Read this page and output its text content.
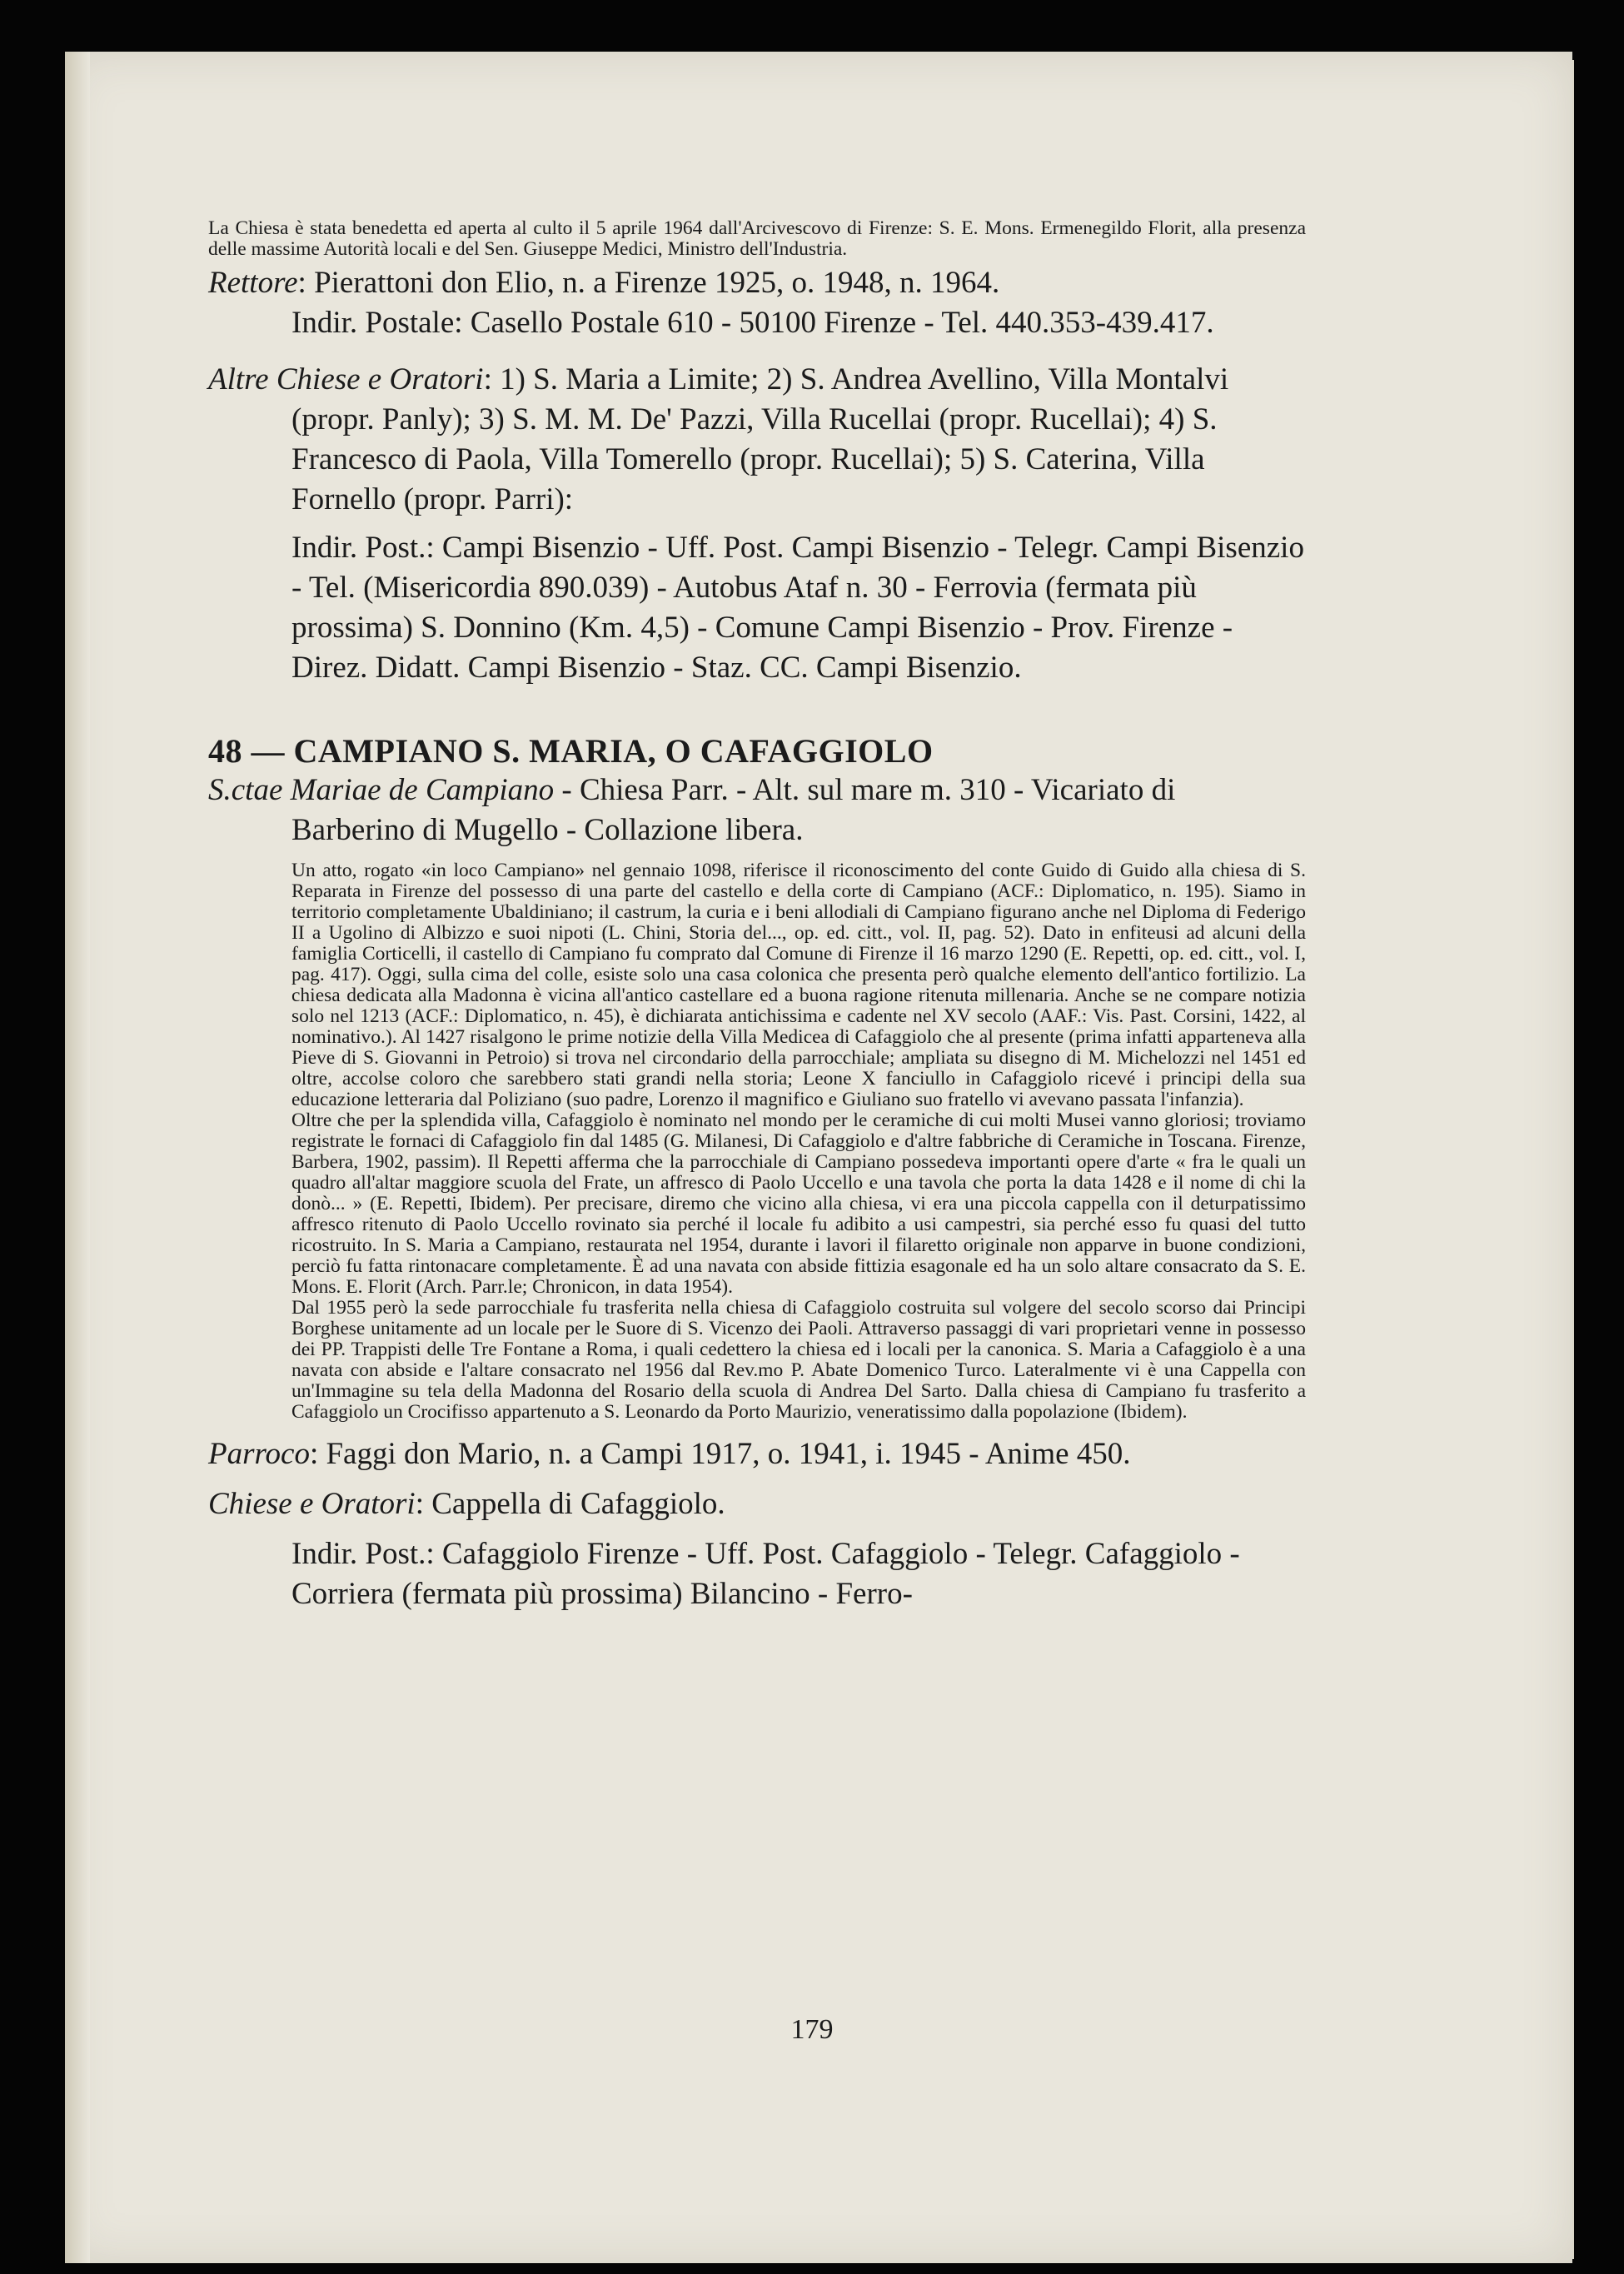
La Chiesa è stata benedetta ed aperta al culto il 5 aprile 1964 dall'Arcivescovo di Firenze: S. E. Mons. Ermenegildo Florit, alla presenza delle massime Autorità locali e del Sen. Giuseppe Medici, Ministro dell'Industria.

Rettore: Pierattoni don Elio, n. a Firenze 1925, o. 1948, n. 1964.

Indir. Postale: Casello Postale 610 - 50100 Firenze - Tel. 440.353-439.417.

Altre Chiese e Oratori: 1) S. Maria a Limite; 2) S. Andrea Avellino, Villa Montalvi (propr. Panly); 3) S. M. M. De' Pazzi, Villa Rucellai (propr. Rucellai); 4) S. Francesco di Paola, Villa Tomerello (propr. Rucellai); 5) S. Caterina, Villa Fornello (propr. Parri):

Indir. Post.: Campi Bisenzio - Uff. Post. Campi Bisenzio - Telegr. Campi Bisenzio - Tel. (Misericordia 890.039) - Autobus Ataf n. 30 - Ferrovia (fermata più prossima) S. Donnino (Km. 4,5) - Comune Campi Bisenzio - Prov. Firenze - Direz. Didatt. Campi Bisenzio - Staz. CC. Campi Bisenzio.

48 — CAMPIANO S. MARIA, O CAFAGGIOLO

S.ctae Mariae de Campiano - Chiesa Parr. - Alt. sul mare m. 310 - Vicariato di Barberino di Mugello - Collazione libera.

Un atto, rogato «in loco Campiano» nel gennaio 1098, riferisce il riconoscimento del conte Guido di Guido alla chiesa di S. Reparata in Firenze del possesso di una parte del castello e della corte di Campiano (ACF.: Diplomatico, n. 195). Siamo in territorio completamente Ubaldiniano; il castrum, la curia e i beni allodiali di Campiano figurano anche nel Diploma di Federigo II a Ugolino di Albizzo e suoi nipoti (L. Chini, Storia del..., op. ed. citt., vol. II, pag. 52). Dato in enfiteusi ad alcuni della famiglia Corticelli, il castello di Campiano fu comprato dal Comune di Firenze il 16 marzo 1290 (E. Repetti, op. ed. citt., vol. I, pag. 417). Oggi, sulla cima del colle, esiste solo una casa colonica che presenta però qualche elemento dell'antico fortilizio. La chiesa dedicata alla Madonna è vicina all'antico castellare ed a buona ragione ritenuta millenaria. Anche se ne compare notizia solo nel 1213 (ACF.: Diplomatico, n. 45), è dichiarata antichissima e cadente nel XV secolo (AAF.: Vis. Past. Corsini, 1422, al nominativo.). Al 1427 risalgono le prime notizie della Villa Medicea di Cafaggiolo che al presente (prima infatti apparteneva alla Pieve di S. Giovanni in Petroio) si trova nel circondario della parrocchiale; ampliata su disegno di M. Michelozzi nel 1451 ed oltre, accolse coloro che sarebbero stati grandi nella storia; Leone X fanciullo in Cafaggiolo ricevé i principi della sua educazione letteraria dal Poliziano (suo padre, Lorenzo il magnifico e Giuliano suo fratello vi avevano passata l'infanzia).

Oltre che per la splendida villa, Cafaggiolo è nominato nel mondo per le ceramiche di cui molti Musei vanno gloriosi; troviamo registrate le fornaci di Cafaggiolo fin dal 1485 (G. Milanesi, Di Cafaggiolo e d'altre fabbriche di Ceramiche in Toscana. Firenze, Barbera, 1902, passim). Il Repetti afferma che la parrocchiale di Campiano possedeva importanti opere d'arte « fra le quali un quadro all'altar maggiore scuola del Frate, un affresco di Paolo Uccello e una tavola che porta la data 1428 e il nome di chi la donò... » (E. Repetti, Ibidem). Per precisare, diremo che vicino alla chiesa, vi era una piccola cappella con il deturpatissimo affresco ritenuto di Paolo Uccello rovinato sia perché il locale fu adibito a usi campestri, sia perché esso fu quasi del tutto ricostruito. In S. Maria a Campiano, restaurata nel 1954, durante i lavori il filaretto originale non apparve in buone condizioni, perciò fu fatta rintonacare completamente. È ad una navata con abside fittizia esagonale ed ha un solo altare consacrato da S. E. Mons. E. Florit (Arch. Parr.le; Chronicon, in data 1954).

Dal 1955 però la sede parrocchiale fu trasferita nella chiesa di Cafaggiolo costruita sul volgere del secolo scorso dai Principi Borghese unitamente ad un locale per le Suore di S. Vicenzo dei Paoli. Attraverso passaggi di vari proprietari venne in possesso dei PP. Trappisti delle Tre Fontane a Roma, i quali cedettero la chiesa ed i locali per la canonica. S. Maria a Cafaggiolo è a una navata con abside e l'altare consacrato nel 1956 dal Rev.mo P. Abate Domenico Turco. Lateralmente vi è una Cappella con un'Immagine su tela della Madonna del Rosario della scuola di Andrea Del Sarto. Dalla chiesa di Campiano fu trasferito a Cafaggiolo un Crocifisso appartenuto a S. Leonardo da Porto Maurizio, veneratissimo dalla popolazione (Ibidem).

Parroco: Faggi don Mario, n. a Campi 1917, o. 1941, i. 1945 - Anime 450.

Chiese e Oratori: Cappella di Cafaggiolo.

Indir. Post.: Cafaggiolo Firenze - Uff. Post. Cafaggiolo - Telegr. Cafaggiolo - Corriera (fermata più prossima) Bilancino - Ferro-

179
